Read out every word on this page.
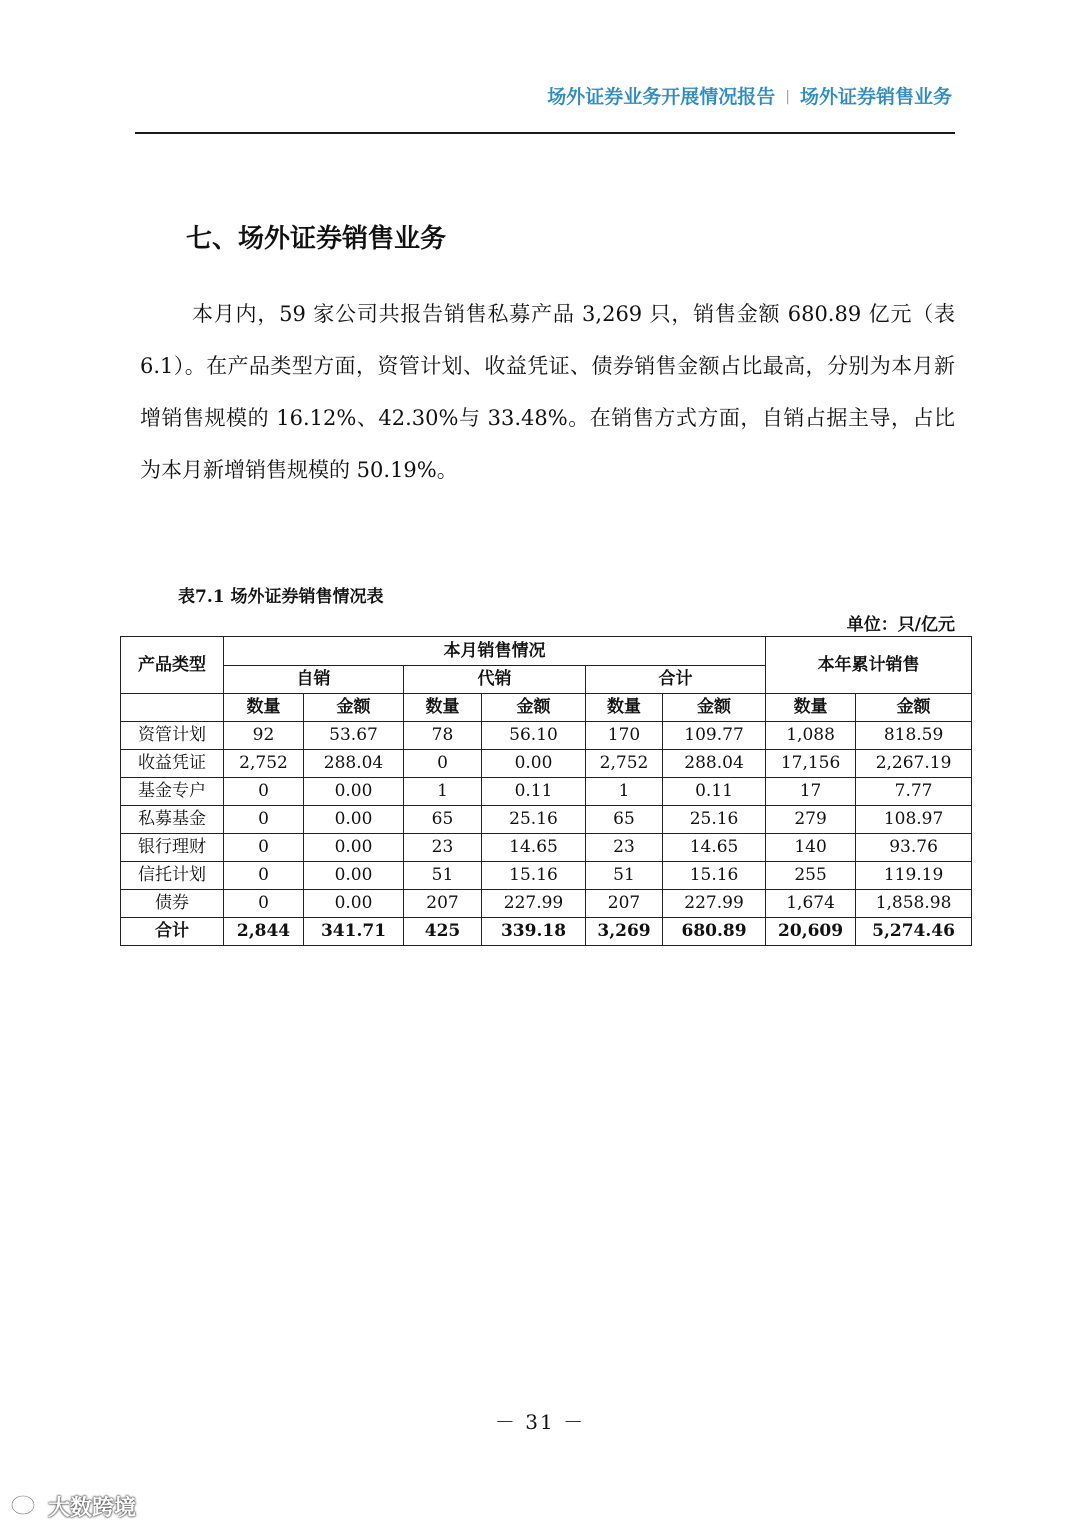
场外证券业务开展情况报告 | 场外证券销售业务
七、场外证券销售业务

本月内，59 家公司共报告销售私募产品 3,269 只，销售金额 680.89 亿元（表6.1）。在产品类型方面，资管计划、收益凭证、债券销售金额占比最高，分别为本月新增销售规模的 16.12%、42.30%与 33.48%。在销售方式方面，自销占据主导，占比为本月新增销售规模的 50.19%。

表7.1 场外证券销售情况表
单位：只/亿元
产品类型	本月销售情况						本年累计销售	
	自销		代销		合计			
	数量	金额	数量	金额	数量	金额	数量	金额
资管计划	92	53.67	78	56.10	170	109.77	1,088	818.59
收益凭证	2,752	288.04	0	0.00	2,752	288.04	17,156	2,267.19
基金专户	0	0.00	1	0.11	1	0.11	17	7.77
私募基金	0	0.00	65	25.16	65	25.16	279	108.97
银行理财	0	0.00	23	14.65	23	14.65	140	93.76
信托计划	0	0.00	51	15.16	51	15.16	255	119.19
债券	0	0.00	207	227.99	207	227.99	1,674	1,858.98
合计	2,844	341.71	425	339.18	3,269	680.89	20,609	5,274.46
－ 31 －
大数跨境
